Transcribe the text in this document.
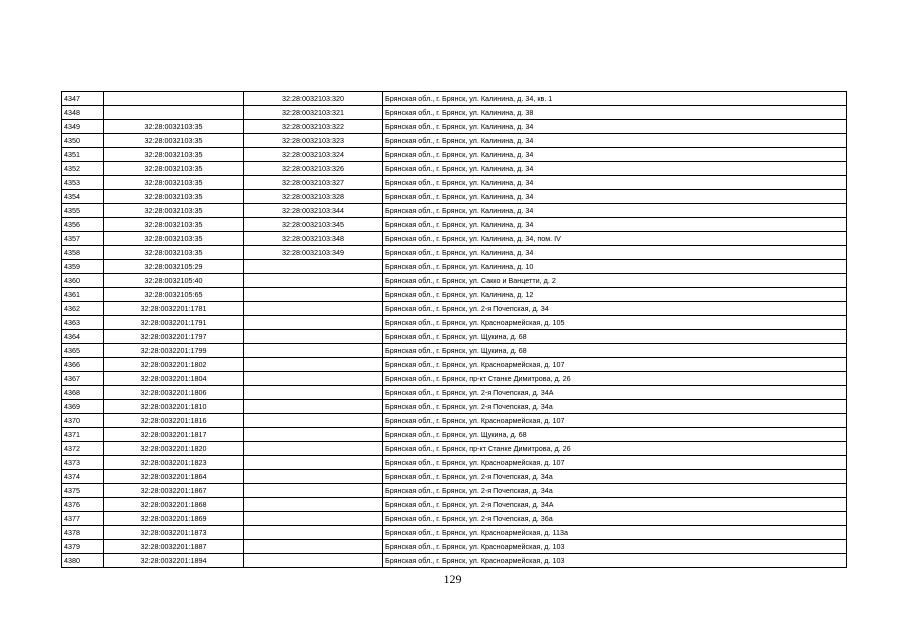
4347		32:28:0032103:320	Брянская обл., г. Брянск, ул. Калинина, д. 34, кв. 1
4348		32:28:0032103:321	Брянская обл., г. Брянск, ул. Калинина, д. 38
4349	32:28:0032103:35	32:28:0032103:322	Брянская обл., г. Брянск, ул. Калинина, д. 34
4350	32:28:0032103:35	32:28:0032103:323	Брянская обл., г. Брянск, ул. Калинина, д. 34
4351	32:28:0032103:35	32:28:0032103:324	Брянская обл., г. Брянск, ул. Калинина, д. 34
4352	32:28:0032103:35	32:28:0032103:326	Брянская обл., г. Брянск, ул. Калинина, д. 34
4353	32:28:0032103:35	32:28:0032103:327	Брянская обл., г. Брянск, ул. Калинина, д. 34
4354	32:28:0032103:35	32:28:0032103:328	Брянская обл., г. Брянск, ул. Калинина, д. 34
4355	32:28:0032103:35	32:28:0032103:344	Брянская обл., г. Брянск, ул. Калинина, д. 34
4356	32:28:0032103:35	32:28:0032103:345	Брянская обл., г. Брянск, ул. Калинина, д. 34
4357	32:28:0032103:35	32:28:0032103:348	Брянская обл., г. Брянск, ул. Калинина, д. 34, пом. IV
4358	32:28:0032103:35	32:28:0032103:349	Брянская обл., г. Брянск, ул. Калинина, д. 34
4359	32:28:0032105:29		Брянская обл., г. Брянск, ул. Калинина, д. 10
4360	32:28:0032105:40		Брянская обл., г. Брянск, ул. Сакко и Ванцетти, д. 2
4361	32:28:0032105:65		Брянская обл., г. Брянск, ул. Калинина, д. 12
4362	32:28:0032201:1781		Брянская обл., г. Брянск, ул. 2-я Почепская, д. 34
4363	32:28:0032201:1791		Брянская обл., г. Брянск, ул. Красноармейская, д. 105
4364	32:28:0032201:1797		Брянская обл., г. Брянск, ул. Щукина, д. 68
4365	32:28:0032201:1799		Брянская обл., г. Брянск, ул. Щукина, д. 68
4366	32:28:0032201:1802		Брянская обл., г. Брянск, ул. Красноармейская, д. 107
4367	32:28:0032201:1804		Брянская обл., г. Брянск, пр-кт Станке Димитрова, д. 26
4368	32:28:0032201:1806		Брянская обл., г. Брянск, ул. 2-я Почепская, д. 34А
4369	32:28:0032201:1810		Брянская обл., г. Брянск, ул. 2-я Почепская, д. 34а
4370	32:28:0032201:1816		Брянская обл., г. Брянск, ул. Красноармейская, д. 107
4371	32:28:0032201:1817		Брянская обл., г. Брянск, ул. Щукина, д. 68
4372	32:28:0032201:1820		Брянская обл., г. Брянск, пр-кт Станке Димитрова, д. 26
4373	32:28:0032201:1823		Брянская обл., г. Брянск, ул. Красноармейская, д. 107
4374	32:28:0032201:1864		Брянская обл., г. Брянск, ул. 2-я Почепская, д. 34а
4375	32:28:0032201:1867		Брянская обл., г. Брянск, ул. 2-я Почепская, д. 34а
4376	32:28:0032201:1868		Брянская обл., г. Брянск, ул. 2-я Почепская, д. 34А
4377	32:28:0032201:1869		Брянская обл., г. Брянск, ул. 2-я Почепская, д. 36а
4378	32:28:0032201:1873		Брянская обл., г. Брянск, ул. Красноармейская, д. 113а
4379	32:28:0032201:1887		Брянская обл., г. Брянск, ул. Красноармейская, д. 103
4380	32:28:0032201:1894		Брянская обл., г. Брянск, ул. Красноармейская, д. 103
129
